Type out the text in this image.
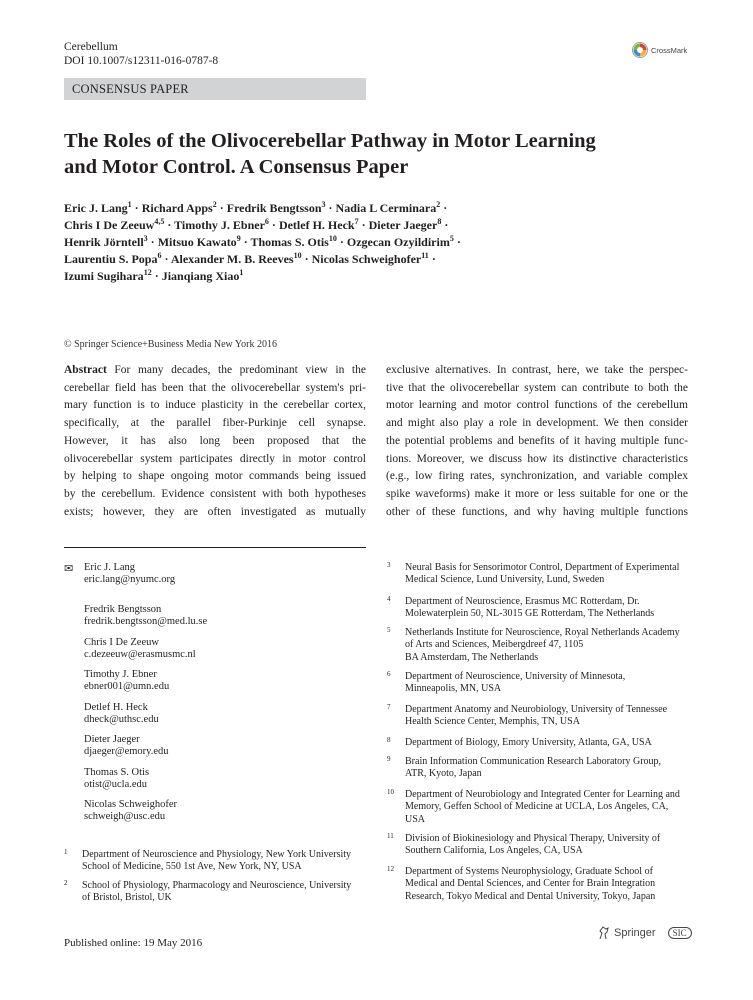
Cerebellum
DOI 10.1007/s12311-016-0787-8
CrossMark
CONSENSUS PAPER
The Roles of the Olivocerebellar Pathway in Motor Learning
and Motor Control. A Consensus Paper
Eric J. Lang$^1$ · Richard Apps$^2$ · Fredrik Bengtsson$^3$ · Nadia L Cerminara$^2$ ·
Chris I De Zeeuw$^{4,5}$ · Timothy J. Ebner$^6$ · Detlef H. Heck$^7$ · Dieter Jaeger$^8$ ·
Henrik Jörntell$^3$ · Mitsuo Kawato$^9$ · Thomas S. Otis$^{10}$ · Ozgecan Ozyildirim$^5$ ·
Laurentiu S. Popa$^6$ · Alexander M. B. Reeves$^{10}$ · Nicolas Schweighofer$^{11}$ ·
Izumi Sugihara$^{12}$ · Jianqiang Xiao$^1$
© Springer Science+Business Media New York 2016
Abstract For many decades, the predominant view in the
cerebellar field has been that the olivocerebellar system's pri-
mary function is to induce plasticity in the cerebellar cortex,
specifically, at the parallel fiber-Purkinje cell synapse.
However, it has also long been proposed that the
olivocerebellar system participates directly in motor control
by helping to shape ongoing motor commands being issued
by the cerebellum. Evidence consistent with both hypotheses
exists; however, they are often investigated as mutually
exclusive alternatives. In contrast, here, we take the perspec-
tive that the olivocerebellar system can contribute to both the
motor learning and motor control functions of the cerebellum
and might also play a role in development. We then consider
the potential problems and benefits of it having multiple func-
tions. Moreover, we discuss how its distinctive characteristics
(e.g., low firing rates, synchronization, and variable complex
spike waveforms) make it more or less suitable for one or the
other of these functions, and why having multiple functions
✉ Eric J. Lang
eric.lang@nyumc.org
Fredrik Bengtsson
fredrik.bengtsson@med.lu.se
Chris I De Zeeuw
c.dezeeuw@erasmusmc.nl
Timothy J. Ebner
ebner001@umn.edu
Detlef H. Heck
dheck@uthsc.edu
Dieter Jaeger
djaeger@emory.edu
Thomas S. Otis
otist@ucla.edu
Nicolas Schweighofer
schweigh@usc.edu
1 Department of Neuroscience and Physiology, New York University
School of Medicine, 550 1st Ave, New York, NY, USA
2 School of Physiology, Pharmacology and Neuroscience, University
of Bristol, Bristol, UK
3 Neural Basis for Sensorimotor Control, Department of Experimental
Medical Science, Lund University, Lund, Sweden
4 Department of Neuroscience, Erasmus MC Rotterdam, Dr.
Molewaterplein 50, NL-3015 GE Rotterdam, The Netherlands
5 Netherlands Institute for Neuroscience, Royal Netherlands Academy
of Arts and Sciences, Meibergdreef 47, 1105
BA Amsterdam, The Netherlands
6 Department of Neuroscience, University of Minnesota,
Minneapolis, MN, USA
7 Department Anatomy and Neurobiology, University of Tennessee
Health Science Center, Memphis, TN, USA
8 Department of Biology, Emory University, Atlanta, GA, USA
9 Brain Information Communication Research Laboratory Group,
ATR, Kyoto, Japan
10 Department of Neurobiology and Integrated Center for Learning and
Memory, Geffen School of Medicine at UCLA, Los Angeles, CA,
USA
11 Division of Biokinesiology and Physical Therapy, University of
Southern California, Los Angeles, CA, USA
12 Department of Systems Neurophysiology, Graduate School of
Medical and Dental Sciences, and Center for Brain Integration
Research, Tokyo Medical and Dental University, Tokyo, Japan
Published online: 19 May 2016
Springer	SIC
